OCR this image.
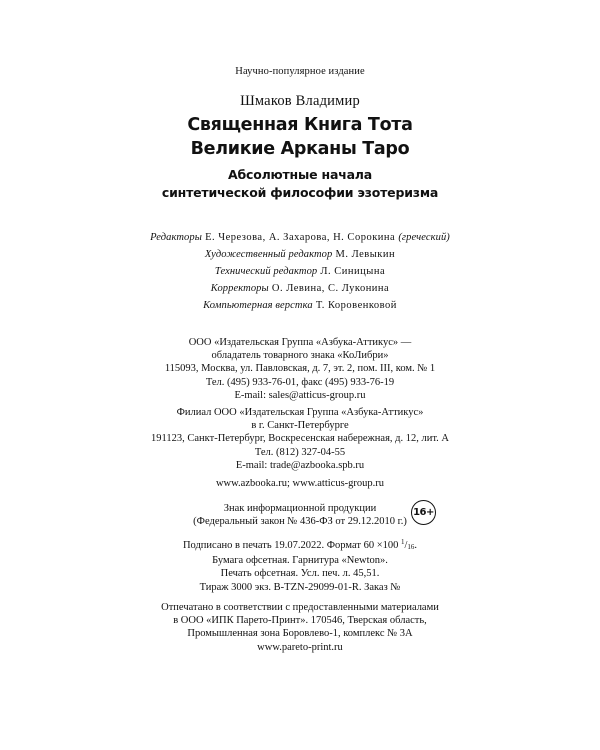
Научно-популярное издание
Шмаков Владимир
Священная Книга Тота
Великие Арканы Таро
Абсолютные начала
синтетической философии эзотеризма
Редакторы Е. Черезова, А. Захарова, Н. Сорокина (греческий)
Художественный редактор М. Левыкин
Технический редактор Л. Синицына
Корректоры О. Левина, С. Луконина
Компьютерная верстка Т. Коровенковой
ООО «Издательская Группа «Азбука-Аттикус» —
обладатель товарного знака «КоЛибри»
115093, Москва, ул. Павловская, д. 7, эт. 2, пом. III, ком. № 1
Тел. (495) 933-76-01, факс (495) 933-76-19
E-mail: sales@atticus-group.ru
Филиал ООО «Издательская Группа «Азбука-Аттикус»
в г. Санкт-Петербурге
191123, Санкт-Петербург, Воскресенская набережная, д. 12, лит. А
Тел. (812) 327-04-55
E-mail: trade@azbooka.spb.ru
www.azbooka.ru; www.atticus-group.ru
Знак информационной продукции
(Федеральный закон № 436-ФЗ от 29.12.2010 г.)
16+
Подписано в печать 19.07.2022. Формат 60 ×100 $^1/_{16}$.
Бумага офсетная. Гарнитура «Newton».
Печать офсетная. Усл. печ. л. 45,51.
Тираж 3000 экз. B-TZN-29099-01-R. Заказ №
Отпечатано в соответствии с предоставленными материалами
в ООО «ИПК Парето-Принт». 170546, Тверская область,
Промышленная зона Боровлево-1, комплекс № 3А
www.pareto-print.ru
